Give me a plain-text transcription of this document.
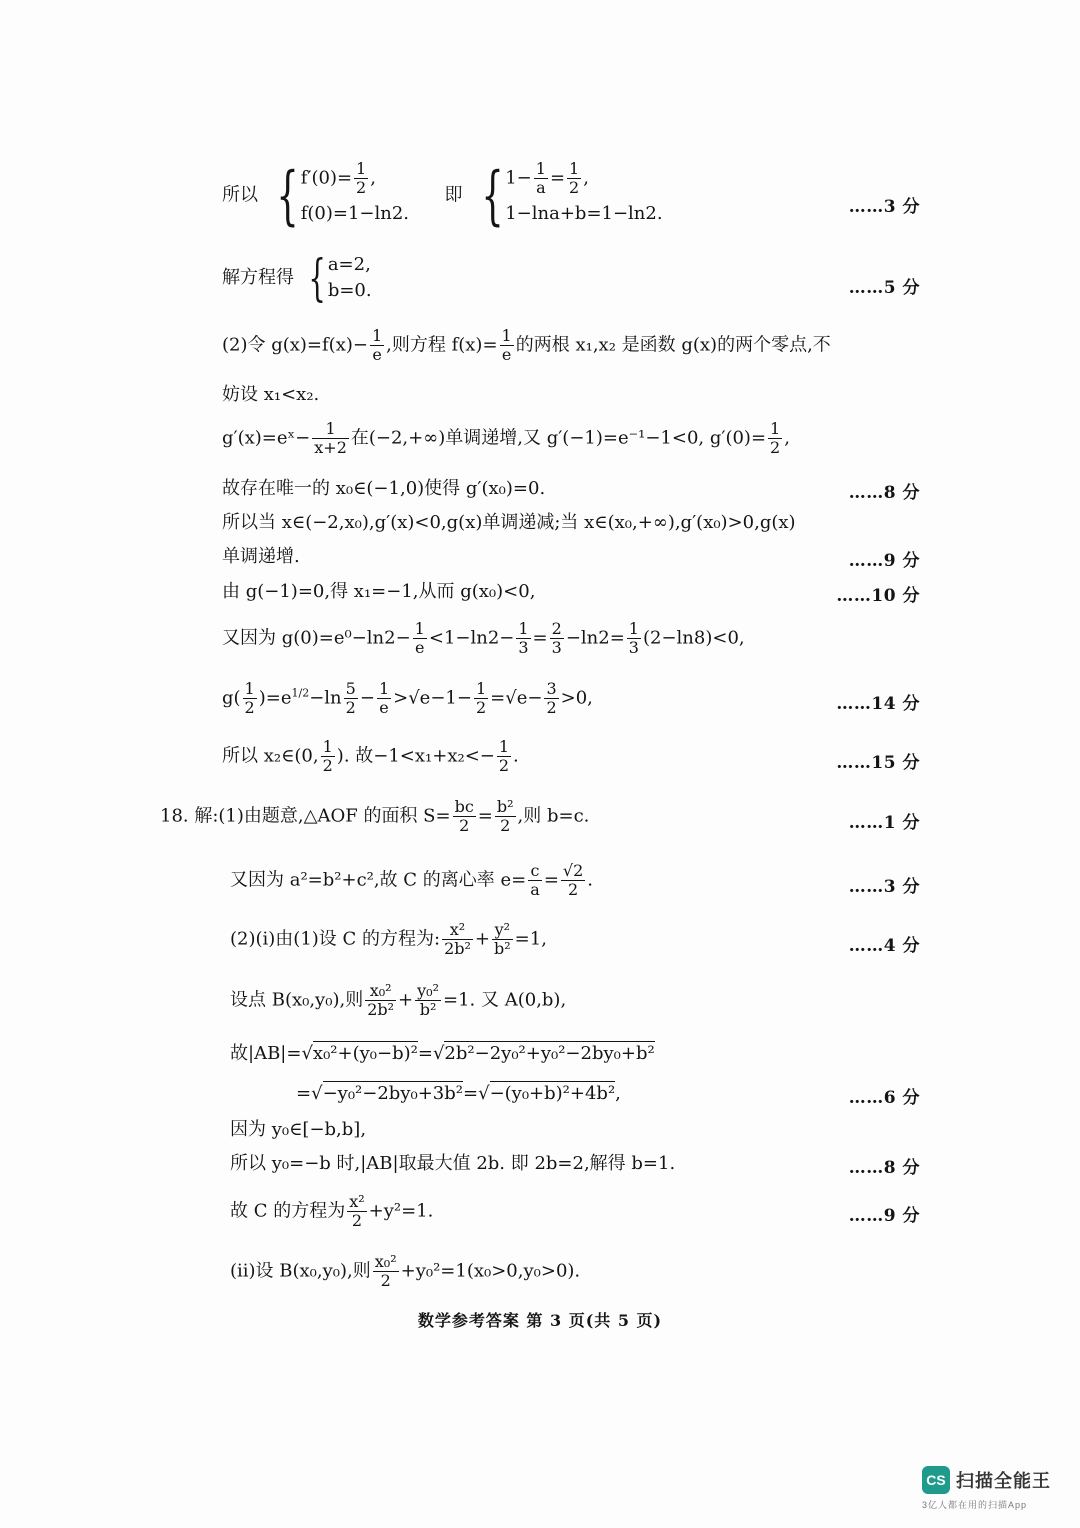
所以 { $f'(0)= \frac{1}{2}$ ,
f(0)=1−ln2.
即 { $1- \frac{1}{a} = \frac{1}{2}$ ,
1−lna+b=1−ln2.	……3 分
解方程得 { a=2,
b=0.	……5 分
(2)令 $g(x)=f(x)- \frac{1}{e}$ ,则方程 $f(x)= \frac{1}{e}$ 的两根 x₁,x₂ 是函数 g(x)的两个零点,不
妨设 x₁<x₂.
g′(x)=eˣ− $\frac{1}{x+2}$ 在(−2,+∞)单调递增,又 g′(−1)=e⁻¹−1<0, $g'(0)= \frac{1}{2}$ ,
故存在唯一的 x₀∈(−1,0)使得 g′(x₀)=0.	……8 分
所以当 x∈(−2,x₀),g′(x)<0,g(x)单调递减;当 x∈(x₀,+∞),g′(x₀)>0,g(x)
单调递增.	……9 分
由 g(−1)=0,得 x₁=−1,从而 g(x₀)<0,	……10 分
又因为 $g(0)=e^0-\ln 2- \frac{1}{e} <1-\ln 2- \frac{1}{3} = \frac{2}{3} -\ln 2= \frac{1}{3} (2-\ln 8)<0$,
$g( \frac{1}{2} )=e^{1/2}-\ln \frac{5}{2} - \frac{1}{e} >√e-1- \frac{1}{2} =√e- \frac{3}{2} >0$,	……14 分
所以 x₂∈(0, $\frac{1}{2}$ ). 故$-1<x_1+x_2<- \frac{1}{2}$ .	……15 分
18. 解:(1)由题意,△AOF 的面积 $S= \frac{bc}{2} = \frac{\text{b²}}{2}$ ,则 b=c.	……1 分
又因为 a²=b²+c²,故 C 的离心率 $e= \frac{c}{a} = \frac{√2}{2}$ .	……3 分
(2)(i)由(1)设 C 的方程为: $\frac{\text{x²}}{\text{2b²}} + \frac{\text{y²}}{\text{b²}} =1$,	……4 分
设点 B(x₀,y₀),则 $\frac{\text{x₀²}}{\text{2b²}} + \frac{\text{y₀²}}{\text{b²}} =1$. 又 A(0,b),
故|AB|=√x₀²+(y₀−b)²=√2b²−2y₀²+y₀²−2by₀+b²
=√−y₀²−2by₀+3b²=√−(y₀+b)²+4b²,	……6 分
因为 y₀∈[−b,b],
所以 y₀=−b 时,|AB|取最大值 2b. 即 2b=2,解得 b=1.	……8 分
故 C 的方程为 $\frac{\text{x²}}{2} +y^2=1$.	……9 分
(ii)设 B(x₀,y₀),则 $\frac{\text{x₀²}}{2} +y_0^2=1(x_0>0,y_0>0)$.
数学参考答案 第 3 页(共 5 页)
CS 扫描全能王
3亿人都在用的扫描App
